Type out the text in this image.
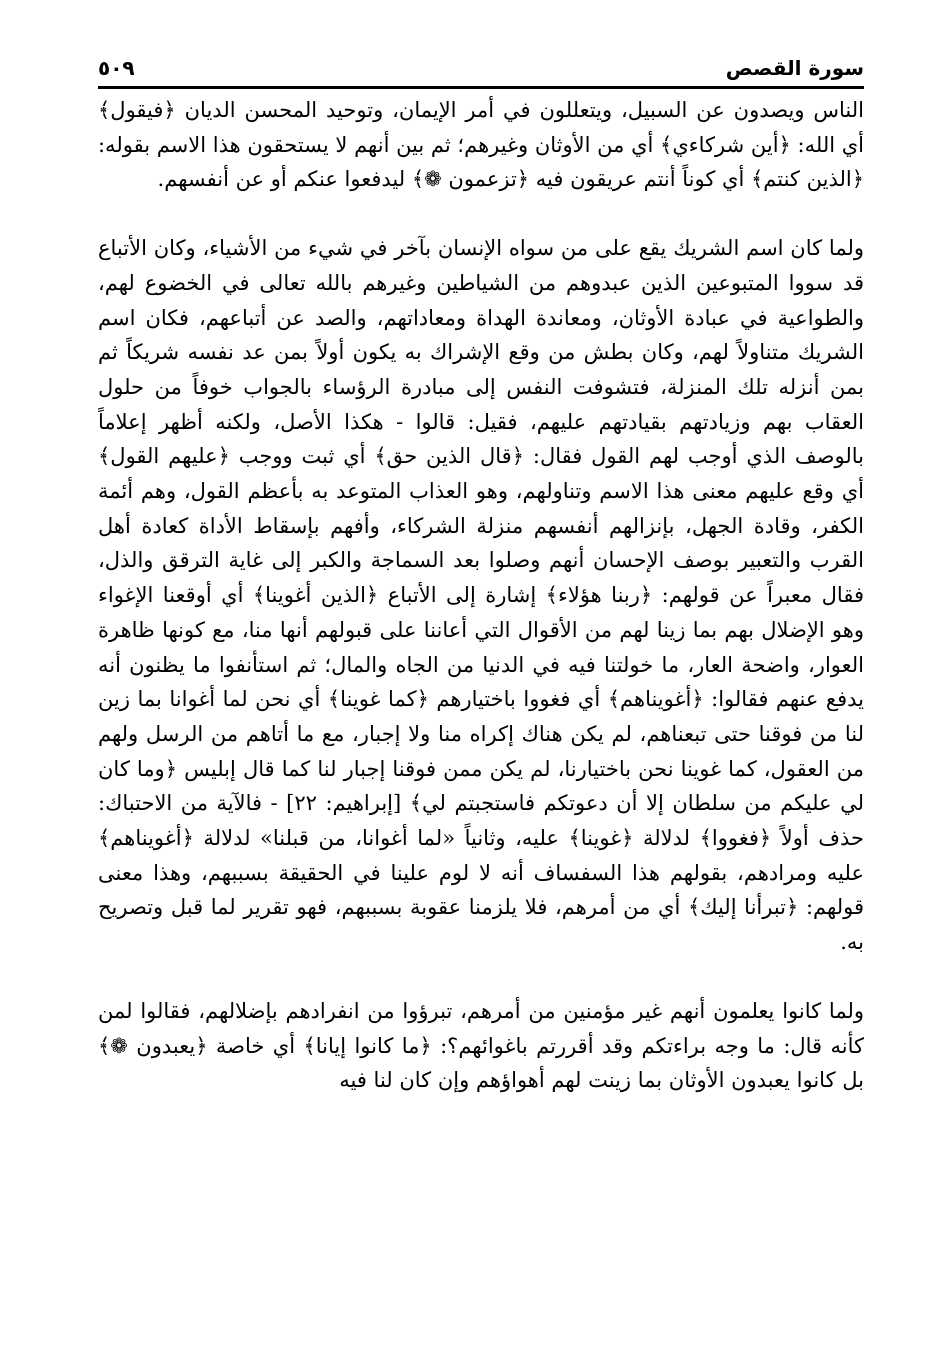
سورة القصص
٥٠٩

الناس ويصدون عن السبيل، ويتعللون في أمر الإيمان، وتوحيد المحسن الديان ﴿فيقول﴾ أي الله: ﴿أين شركاءي﴾ أي من الأوثان وغيرهم؛ ثم بين أنهم لا يستحقون هذا الاسم بقوله: ﴿الذين كنتم﴾ أي كوناً أنتم عريقون فيه ﴿تزعمون ❁﴾ ليدفعوا عنكم أو عن أنفسهم.

ولما كان اسم الشريك يقع على من سواه الإنسان بآخر في شيء من الأشياء، وكان الأتباع قد سووا المتبوعين الذين عبدوهم من الشياطين وغيرهم بالله تعالى في الخضوع لهم، والطواعية في عبادة الأوثان، ومعاندة الهداة ومعاداتهم، والصد عن أتباعهم، فكان اسم الشريك متناولاً لهم، وكان بطش من وقع الإشراك به يكون أولاً بمن عد نفسه شريكاً ثم بمن أنزله تلك المنزلة، فتشوفت النفس إلى مبادرة الرؤساء بالجواب خوفاً من حلول العقاب بهم وزيادتهم بقيادتهم عليهم، فقيل: قالوا - هكذا الأصل، ولكنه أظهر إعلاماً بالوصف الذي أوجب لهم القول فقال: ﴿قال الذين حق﴾ أي ثبت ووجب ﴿عليهم القول﴾ أي وقع عليهم معنى هذا الاسم وتناولهم، وهو العذاب المتوعد به بأعظم القول، وهم أئمة الكفر، وقادة الجهل، بإنزالهم أنفسهم منزلة الشركاء، وأفهم بإسقاط الأداة كعادة أهل القرب والتعبير بوصف الإحسان أنهم وصلوا بعد السماجة والكبر إلى غاية الترقق والذل، فقال معبراً عن قولهم: ﴿ربنا هؤلاء﴾ إشارة إلى الأتباع ﴿الذين أغوينا﴾ أي أوقعنا الإغواء وهو الإضلال بهم بما زينا لهم من الأقوال التي أعاننا على قبولهم أنها منا، مع كونها ظاهرة العوار، واضحة العار، ما خولتنا فيه في الدنيا من الجاه والمال؛ ثم استأنفوا ما يظنون أنه يدفع عنهم فقالوا: ﴿أغويناهم﴾ أي فغووا باختيارهم ﴿كما غوينا﴾ أي نحن لما أغوانا بما زين لنا من فوقنا حتى تبعناهم، لم يكن هناك إكراه منا ولا إجبار، مع ما أتاهم من الرسل ولهم من العقول، كما غوينا نحن باختيارنا، لم يكن ممن فوقنا إجبار لنا كما قال إبليس ﴿وما كان لي عليكم من سلطان إلا أن دعوتكم فاستجبتم لي﴾ [إبراهيم: ٢٢] - فالآية من الاحتباك: حذف أولاً ﴿فغووا﴾ لدلالة ﴿غوينا﴾ عليه، وثانياً «لما أغوانا، من قبلنا» لدلالة ﴿أغويناهم﴾ عليه ومرادهم، بقولهم هذا السفساف أنه لا لوم علينا في الحقيقة بسببهم، وهذا معنى قولهم: ﴿تبرأنا إليك﴾ أي من أمرهم، فلا يلزمنا عقوبة بسببهم، فهو تقرير لما قبل وتصريح به.

ولما كانوا يعلمون أنهم غير مؤمنين من أمرهم، تبرؤوا من انفرادهم بإضلالهم، فقالوا لمن كأنه قال: ما وجه براءتكم وقد أقررتم باغوائهم؟: ﴿ما كانوا إيانا﴾ أي خاصة ﴿يعبدون ❁﴾ بل كانوا يعبدون الأوثان بما زينت لهم أهواؤهم وإن كان لنا فيه
